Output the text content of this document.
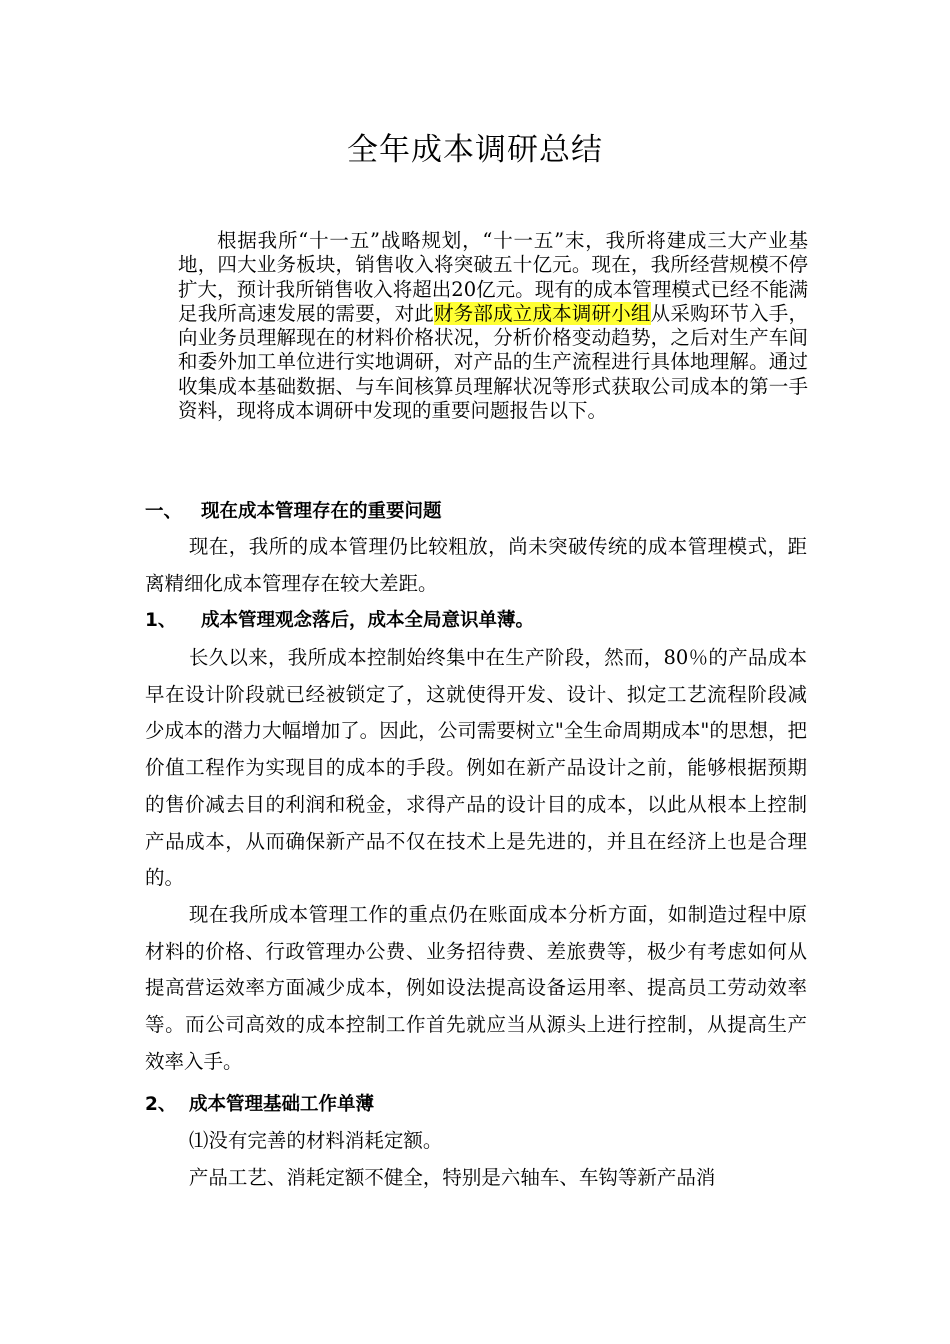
全年成本调研总结

根据我所“十一五”战略规划，“十一五”末，我所将建成三大产业基地，四大业务板块，销售收入将突破五十亿元。现在，我所经营规模不停扩大，预计我所销售收入将超出20亿元。现有的成本管理模式已经不能满足我所高速发展的需要，对此财务部成立成本调研小组从采购环节入手，向业务员理解现在的材料价格状况，分析价格变动趋势，之后对生产车间和委外加工单位进行实地调研，对产品的生产流程进行具体地理解。通过收集成本基础数据、与车间核算员理解状况等形式获取公司成本的第一手资料，现将成本调研中发现的重要问题报告以下。

一、 现在成本管理存在的重要问题

现在，我所的成本管理仍比较粗放，尚未突破传统的成本管理模式，距离精细化成本管理存在较大差距。

1、 成本管理观念落后，成本全局意识单薄。

长久以来，我所成本控制始终集中在生产阶段，然而，80％的产品成本早在设计阶段就已经被锁定了，这就使得开发、设计、拟定工艺流程阶段减少成本的潜力大幅增加了。因此，公司需要树立"全生命周期成本"的思想，把价值工程作为实现目的成本的手段。例如在新产品设计之前，能够根据预期的售价减去目的利润和税金，求得产品的设计目的成本，以此从根本上控制产品成本，从而确保新产品不仅在技术上是先进的，并且在经济上也是合理的。

现在我所成本管理工作的重点仍在账面成本分析方面，如制造过程中原材料的价格、行政管理办公费、业务招待费、差旅费等，极少有考虑如何从提高营运效率方面减少成本，例如设法提高设备运用率、提高员工劳动效率等。而公司高效的成本控制工作首先就应当从源头上进行控制，从提高生产效率入手。

2、 成本管理基础工作单薄

⑴没有完善的材料消耗定额。

产品工艺、消耗定额不健全，特别是六轴车、车钩等新产品消
